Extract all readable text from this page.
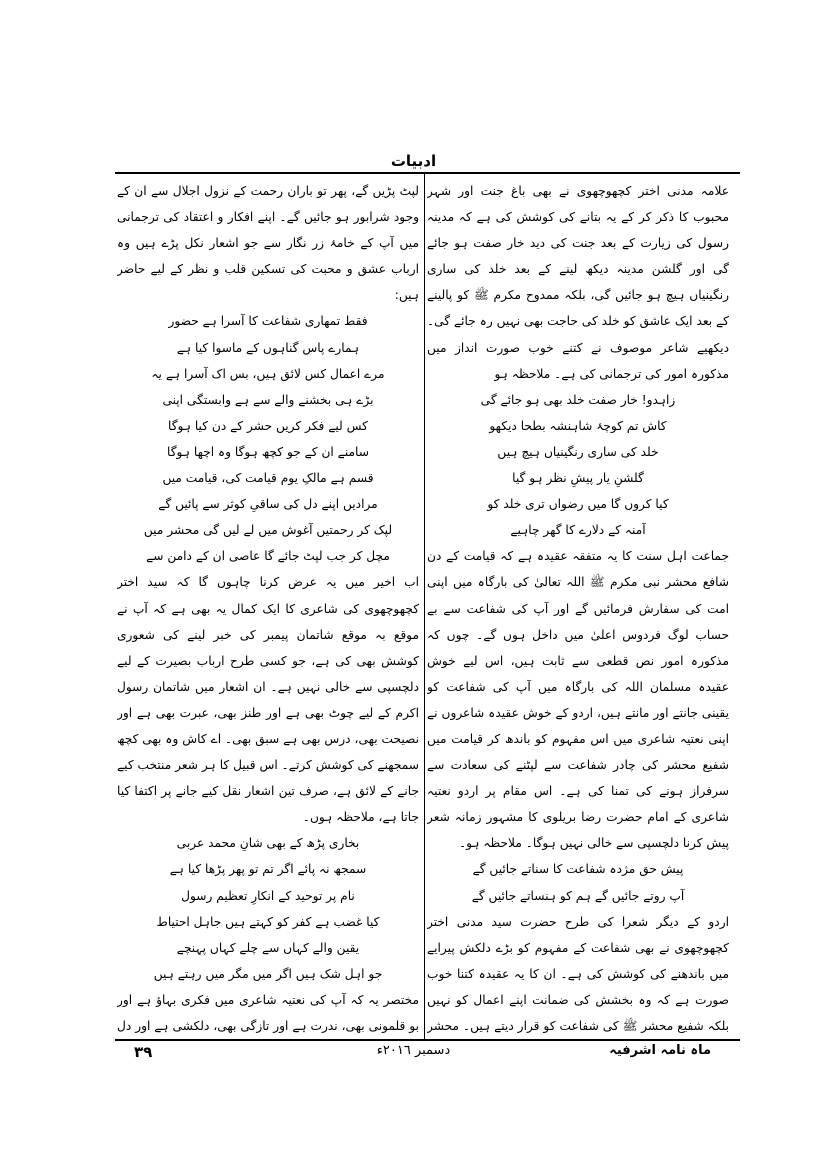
ادبیات

علامہ مدنی اختر کچھوچھوی نے بھی باغ جنت اور شہر محبوب کا ذکر کر کے یہ بتانے کی کوشش کی ہے کہ مدینہ رسول کی زیارت کے بعد جنت کی دید خار صفت ہو جائے گی اور گلشن مدینہ دیکھ لینے کے بعد خلد کی ساری رنگینیاں ہیچ ہو جائیں گی، بلکہ ممدوح مکرم ﷺ کو پالینے کے بعد ایک عاشق کو خلد کی حاجت بھی نہیں رہ جائے گی۔ دیکھیے شاعر موصوف نے کتنے خوب صورت انداز میں مذکورہ امور کی ترجمانی کی ہے۔ ملاحظہ ہو

زاہدو! خار صفت خلد بھی ہو جائے گی
کاش تم کوچۂ شاہنشہ بطحا دیکھو
خلد کی ساری رنگینیاں ہیچ ہیں
گلشنِ یار پیشِ نظر ہو گیا
کیا کروں گا میں رضواں تری خلد کو
آمنہ کے دلارے کا گھر چاہیے

جماعت اہل سنت کا یہ متفقہ عقیدہ ہے کہ قیامت کے دن شافع محشر نبی مکرم ﷺ اللہ تعالیٰ کی بارگاہ میں اپنی امت کی سفارش فرمائیں گے اور آپ کی شفاعت سے بے حساب لوگ فردوس اعلیٰ میں داخل ہوں گے۔ چوں کہ مذکورہ امور نص قطعی سے ثابت ہیں، اس لیے خوش عقیدہ مسلمان اللہ کی بارگاہ میں آپ کی شفاعت کو یقینی جانتے اور مانتے ہیں، اردو کے خوش عقیدہ شاعروں نے اپنی نعتیہ شاعری میں اس مفہوم کو باندھ کر قیامت میں شفیع محشر کی چادر شفاعت سے لپٹنے کی سعادت سے سرفراز ہونے کی تمنا کی ہے۔ اس مقام پر اردو نعتیہ شاعری کے امام حضرت رضا بریلوی کا مشہور زمانہ شعر پیش کرنا دلچسپی سے خالی نہیں ہوگا۔ ملاحظہ ہو۔

پیش حق مژدہ شفاعت کا سناتے جائیں گے
آپ روتے جائیں گے ہم کو ہنساتے جائیں گے

اردو کے دیگر شعرا کی طرح حضرت سید مدنی اختر کچھوچھوی نے بھی شفاعت کے مفہوم کو بڑے دلکش پیرایے میں باندھنے کی کوشش کی ہے۔ ان کا یہ عقیدہ کتنا خوب صورت ہے کہ وہ بخشش کی ضمانت اپنے اعمال کو نہیں بلکہ شفیع محشر ﷺ کی شفاعت کو قرار دیتے ہیں۔ محشر

لپٹ پڑیں گے، پھر تو باران رحمت کے نزول اجلال سے ان کے وجود شرابور ہو جائیں گے۔ اپنے افکار و اعتقاد کی ترجمانی میں آپ کے خامۂ زر نگار سے جو اشعار نکل پڑے ہیں وہ ارباب عشق و محبت کی تسکین قلب و نظر کے لیے حاضر ہیں:

فقط تمھاری شفاعت کا آسرا ہے حضور
ہمارے پاس گناہوں کے ماسوا کیا ہے
مرے اعمال کس لائق ہیں، بس اک آسرا ہے یہ
بڑے ہی بخشنے والے سے ہے وابستگی اپنی
کس لیے فکر کریں حشر کے دن کیا ہوگا
سامنے ان کے جو کچھ ہوگا وہ اچھا ہوگا
قسم ہے مالکِ یوم قیامت کی، قیامت میں
مرادیں اپنے دل کی ساقیِ کوثر سے پائیں گے
لپک کر رحمتیں آغوش میں لے لیں گی محشر میں
مچل کر جب لپٹ جائے گا عاصی ان کے دامن سے

اب اخیر میں یہ عرض کرنا چاہوں گا کہ سید اختر کچھوچھوی کی شاعری کا ایک کمال یہ بھی ہے کہ آپ نے موقع بہ موقع شاتمان پیمبر کی خبر لینے کی شعوری کوشش بھی کی ہے، جو کسی طرح ارباب بصیرت کے لیے دلچسپی سے خالی نہیں ہے۔ ان اشعار میں شاتمان رسول اکرم کے لیے چوٹ بھی ہے اور طنز بھی، عبرت بھی ہے اور نصیحت بھی، درس بھی ہے سبق بھی۔ اے کاش وہ بھی کچھ سمجھنے کی کوشش کرتے۔ اس قبیل کا ہر شعر منتخب کیے جانے کے لائق ہے، صرف تین اشعار نقل کیے جانے پر اکتفا کیا جاتا ہے، ملاحظہ ہوں۔

بخاری پڑھ کے بھی شانِ محمد عربی
سمجھ نہ پائے اگر تم تو پھر پڑھا کیا ہے
نام پر توحید کے انکارِ تعظیم رسول
کیا غضب ہے کفر کو کہتے ہیں جاہل احتیاط
یقین والے کہاں سے چلے کہاں پہنچے
جو اہل شک ہیں اگر میں مگر میں رہتے ہیں

مختصر یہ کہ آپ کی نعتیہ شاعری میں فکری بہاؤ ہے اور بو قلمونی بھی، ندرت ہے اور تازگی بھی، دلکشی ہے اور دل

٣٩	دسمبر ٢٠١٦ء	ماہ نامہ اشرفیہ
